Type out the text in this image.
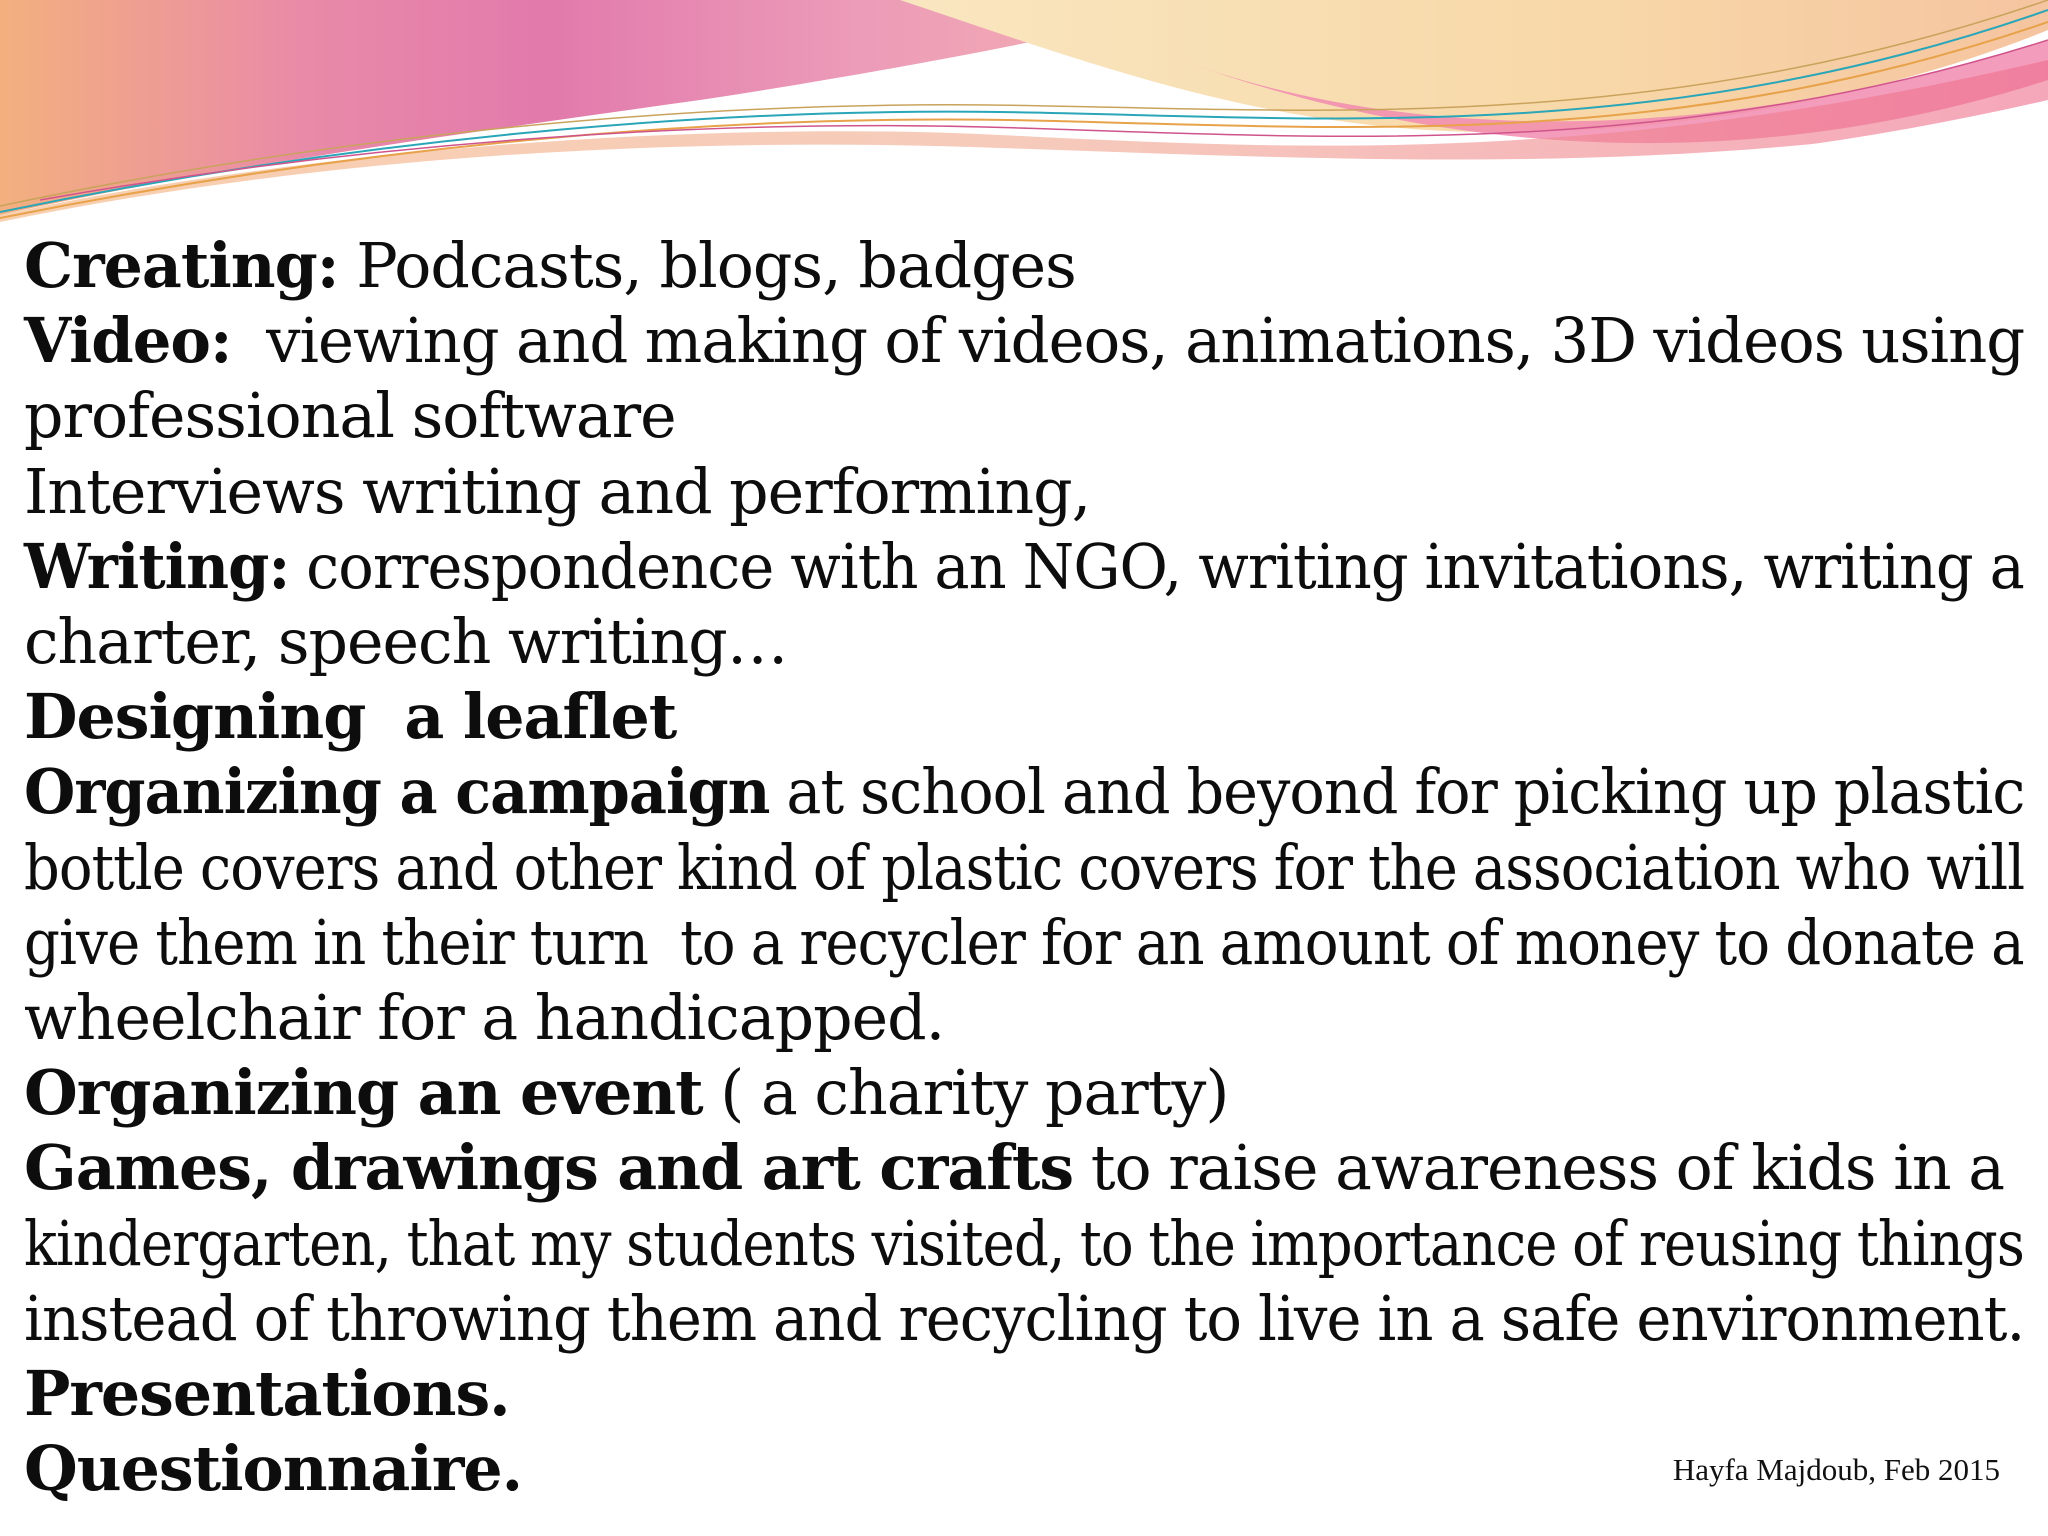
Creating: Podcasts, blogs, badges
Video:  viewing and making of videos, animations, 3D videos using
professional software
Interviews writing and performing,
Writing: correspondence with an NGO, writing invitations, writing a
charter, speech writing…
Designing  a leaflet
Organizing a campaign at school and beyond for picking up plastic
bottle covers and other kind of plastic covers for the association who will
give them in their turn  to a recycler for an amount of money to donate a
wheelchair for a handicapped.
Organizing an event ( a charity party)
Games, drawings and art crafts to raise awareness of kids in a
kindergarten, that my students visited, to the importance of reusing things
instead of throwing them and recycling to live in a safe environment.
Presentations.
Questionnaire.	Hayfa Majdoub, Feb 2015
